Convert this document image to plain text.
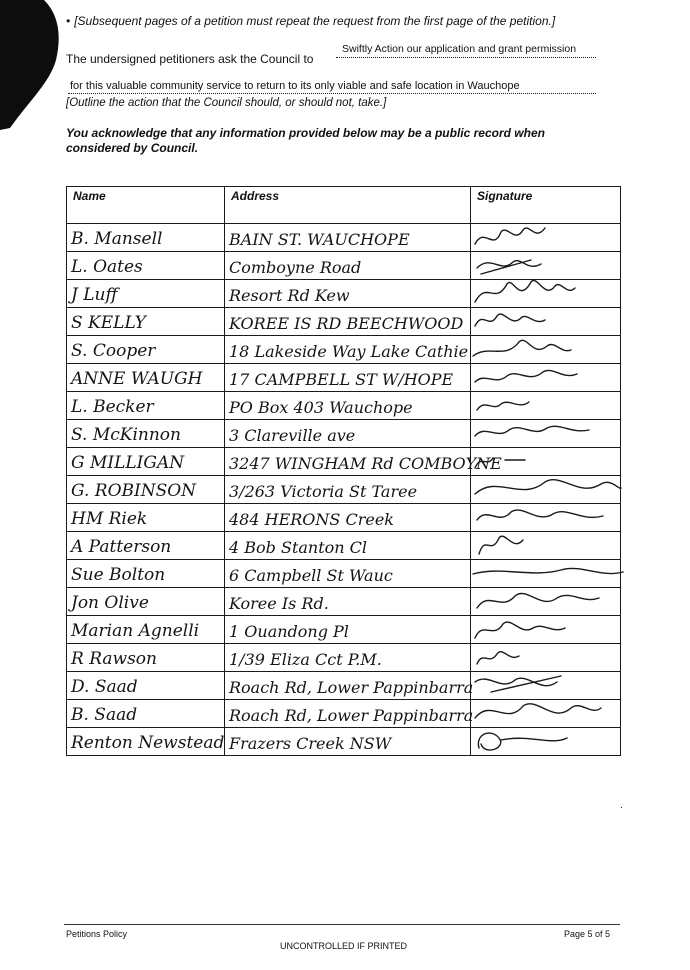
• [Subsequent pages of a petition must repeat the request from the first page of the petition.]
The undersigned petitioners ask the Council to
Swiftly Action our application and grant permission
for this valuable community service to return to its only viable and safe location in Wauchope
[Outline the action that the Council should, or should not, take.]
You acknowledge that any information provided below may be a public record when considered by Council.
Name	Address	Signature
B. Mansell	BAIN ST. WAUCHOPE	

L. Oates	Comboyne Road	

J Luff	Resort Rd Kew	

S KELLY	KOREE IS RD BEECHWOOD	

S. Cooper	18 Lakeside Way Lake Cathie	

ANNE WAUGH	17 CAMPBELL ST W/HOPE	

L. Becker	PO Box 403 Wauchope	

S. McKinnon	3 Clareville ave	

G MILLIGAN	3247 WINGHAM Rd COMBOYNE	

G. ROBINSON	3/263 Victoria St Taree	

HM Riek	484 HERONS Creek	

A Patterson	4 Bob Stanton Cl	

Sue Bolton	6 Campbell St Wauc	

Jon Olive	Koree Is Rd.	

Marian Agnelli	1 Ouandong Pl	

R Rawson	1/39 Eliza Cct P.M.	

D. Saad	Roach Rd, Lower Pappinbarra	

B. Saad	Roach Rd, Lower Pappinbarra	

Renton Newstead	Frazers Creek NSW	
.
Petitions Policy	Page 5 of 5
UNCONTROLLED IF PRINTED
